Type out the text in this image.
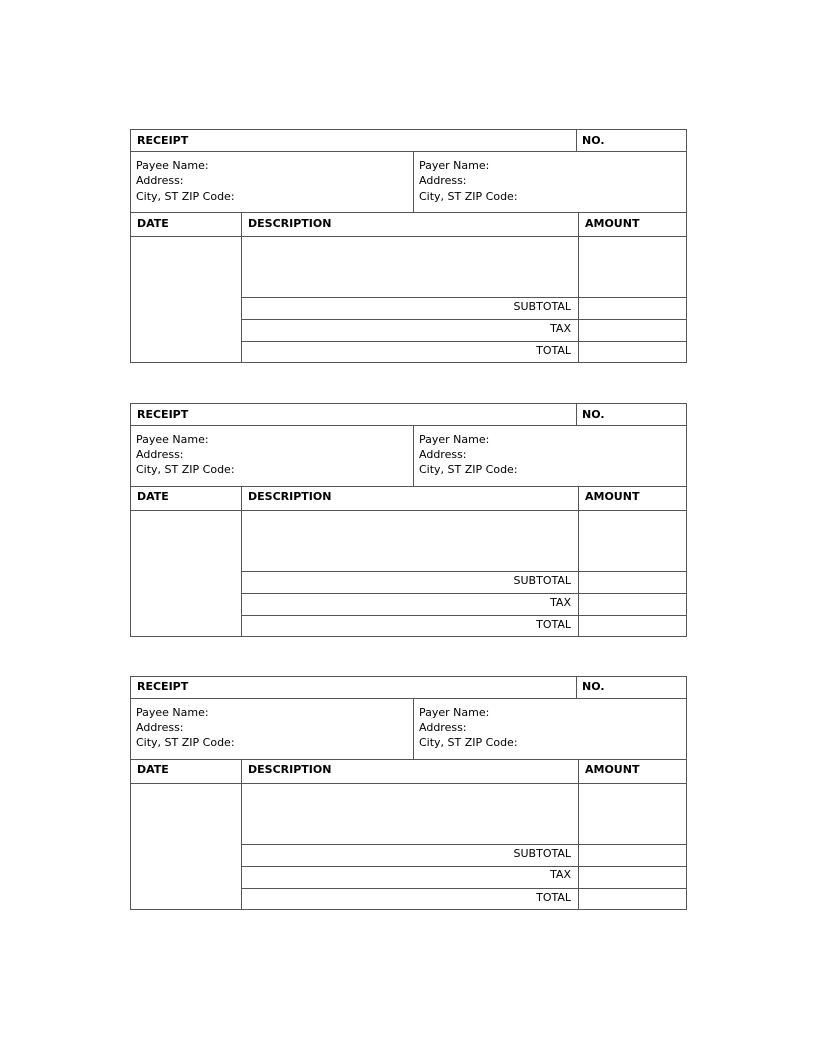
RECEIPT	NO.
Payee Name:
Address:
City, ST ZIP Code:
Payer Name:
Address:
City, ST ZIP Code:
DATE	DESCRIPTION	AMOUNT
SUBTOTAL
TAX
TOTAL
RECEIPT	NO.
Payee Name:
Address:
City, ST ZIP Code:
Payer Name:
Address:
City, ST ZIP Code:
DATE	DESCRIPTION	AMOUNT
SUBTOTAL
TAX
TOTAL
RECEIPT	NO.
Payee Name:
Address:
City, ST ZIP Code:
Payer Name:
Address:
City, ST ZIP Code:
DATE	DESCRIPTION	AMOUNT
SUBTOTAL
TAX
TOTAL
